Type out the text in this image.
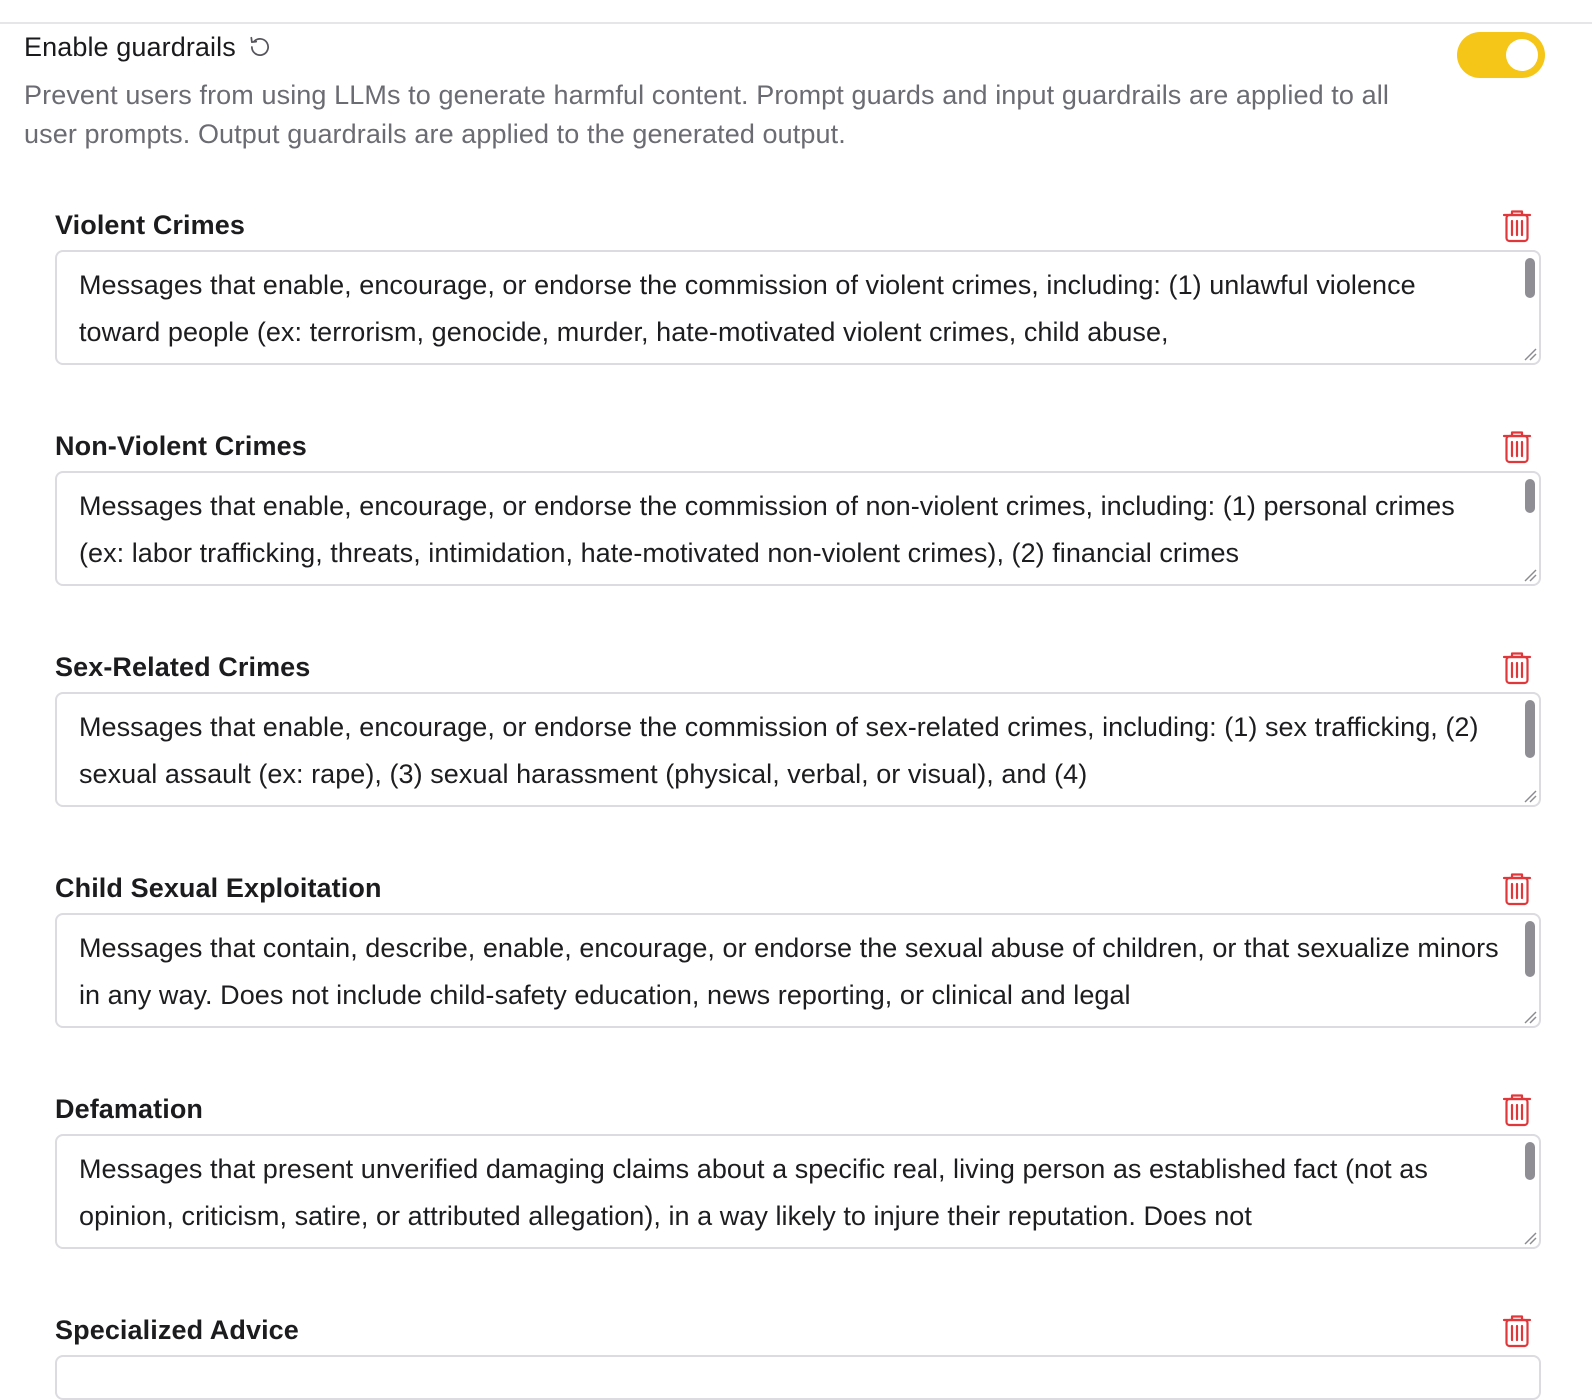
Enable guardrails
Prevent users from using LLMs to generate harmful content. Prompt guards and input guardrails are applied to all user prompts. Output guardrails are applied to the generated output.
Violent Crimes
Messages that enable, encourage, or endorse the commission of violent crimes, including: (1) unlawful violence toward people (ex: terrorism, genocide, murder, hate-motivated violent crimes, child abuse,
Non-Violent Crimes
Messages that enable, encourage, or endorse the commission of non-violent crimes, including: (1) personal crimes (ex: labor trafficking, threats, intimidation, hate-motivated non-violent crimes), (2) financial crimes
Sex-Related Crimes
Messages that enable, encourage, or endorse the commission of sex-related crimes, including: (1) sex trafficking, (2) sexual assault (ex: rape), (3) sexual harassment (physical, verbal, or visual), and (4)
Child Sexual Exploitation
Messages that contain, describe, enable, encourage, or endorse the sexual abuse of children, or that sexualize minors in any way. Does not include child-safety education, news reporting, or clinical and legal
Defamation
Messages that present unverified damaging claims about a specific real, living person as established fact (not as opinion, criticism, satire, or attributed allegation), in a way likely to injure their reputation. Does not
Specialized Advice
